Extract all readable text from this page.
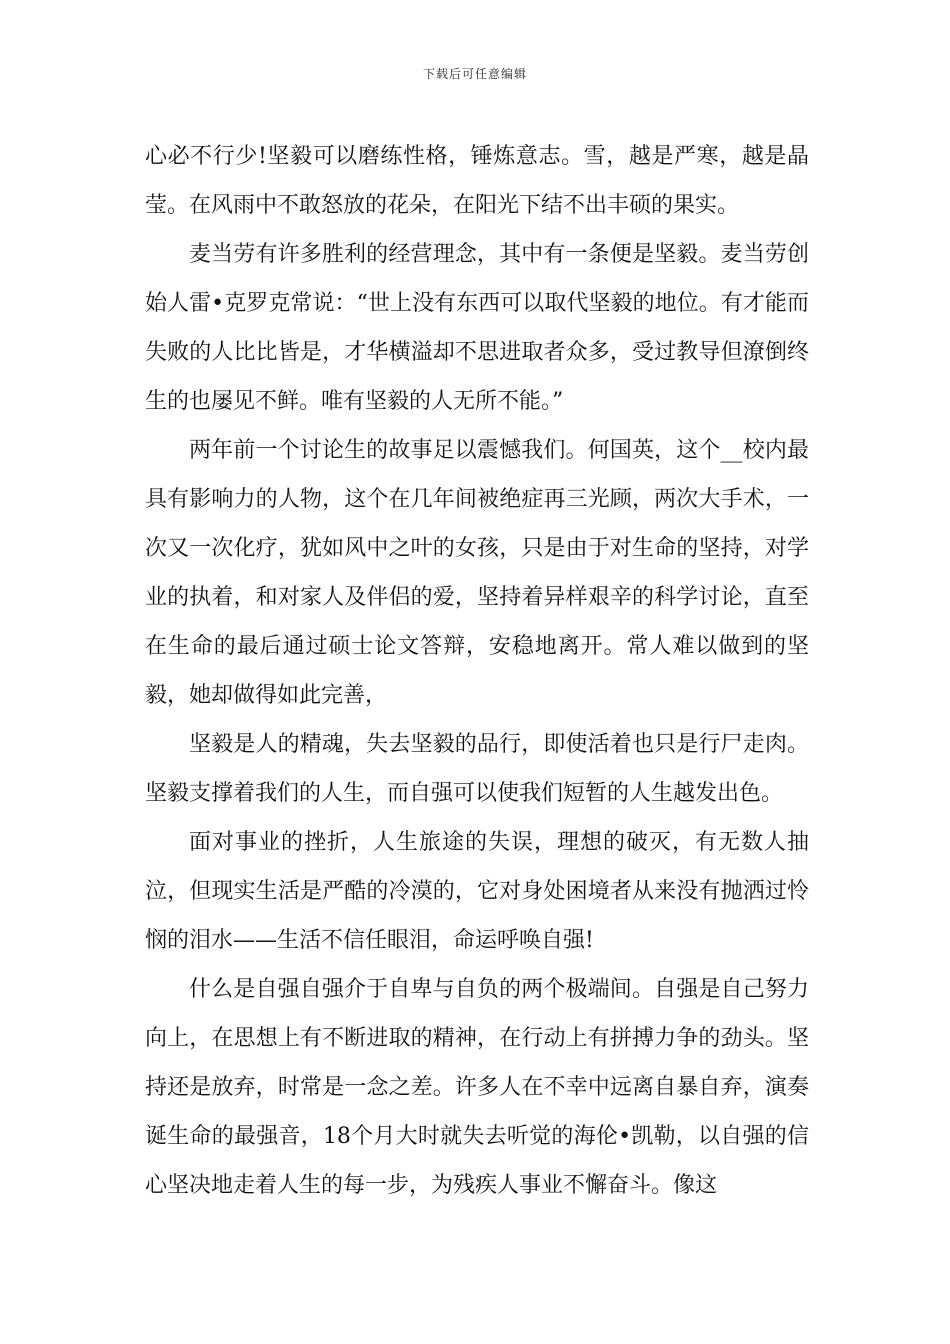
下载后可任意编辑

心必不行少!坚毅可以磨练性格，锤炼意志。雪，越是严寒，越是晶莹。在风雨中不敢怒放的花朵，在阳光下结不出丰硕的果实。

麦当劳有许多胜利的经营理念，其中有一条便是坚毅。麦当劳创始人雷•克罗克常说：“世上没有东西可以取代坚毅的地位。有才能而失败的人比比皆是，才华横溢却不思进取者众多，受过教导但潦倒终生的也屡见不鲜。唯有坚毅的人无所不能。”

两年前一个讨论生的故事足以震憾我们。何国英，这个__校内最具有影响力的人物，这个在几年间被绝症再三光顾，两次大手术，一次又一次化疗，犹如风中之叶的女孩，只是由于对生命的坚持，对学业的执着，和对家人及伴侣的爱，坚持着异样艰辛的科学讨论，直至在生命的最后通过硕士论文答辩，安稳地离开。常人难以做到的坚毅，她却做得如此完善，

坚毅是人的精魂，失去坚毅的品行，即使活着也只是行尸走肉。坚毅支撑着我们的人生，而自强可以使我们短暂的人生越发出色。

面对事业的挫折，人生旅途的失误，理想的破灭，有无数人抽泣，但现实生活是严酷的冷漠的，它对身处困境者从来没有抛洒过怜悯的泪水——生活不信任眼泪，命运呼唤自强!

什么是自强自强介于自卑与自负的两个极端间。自强是自己努力向上，在思想上有不断进取的精神，在行动上有拼搏力争的劲头。坚持还是放弃，时常是一念之差。许多人在不幸中远离自暴自弃，演奏诞生命的最强音，18个月大时就失去听觉的海伦•凯勒，以自强的信心坚决地走着人生的每一步，为残疾人事业不懈奋斗。像这
